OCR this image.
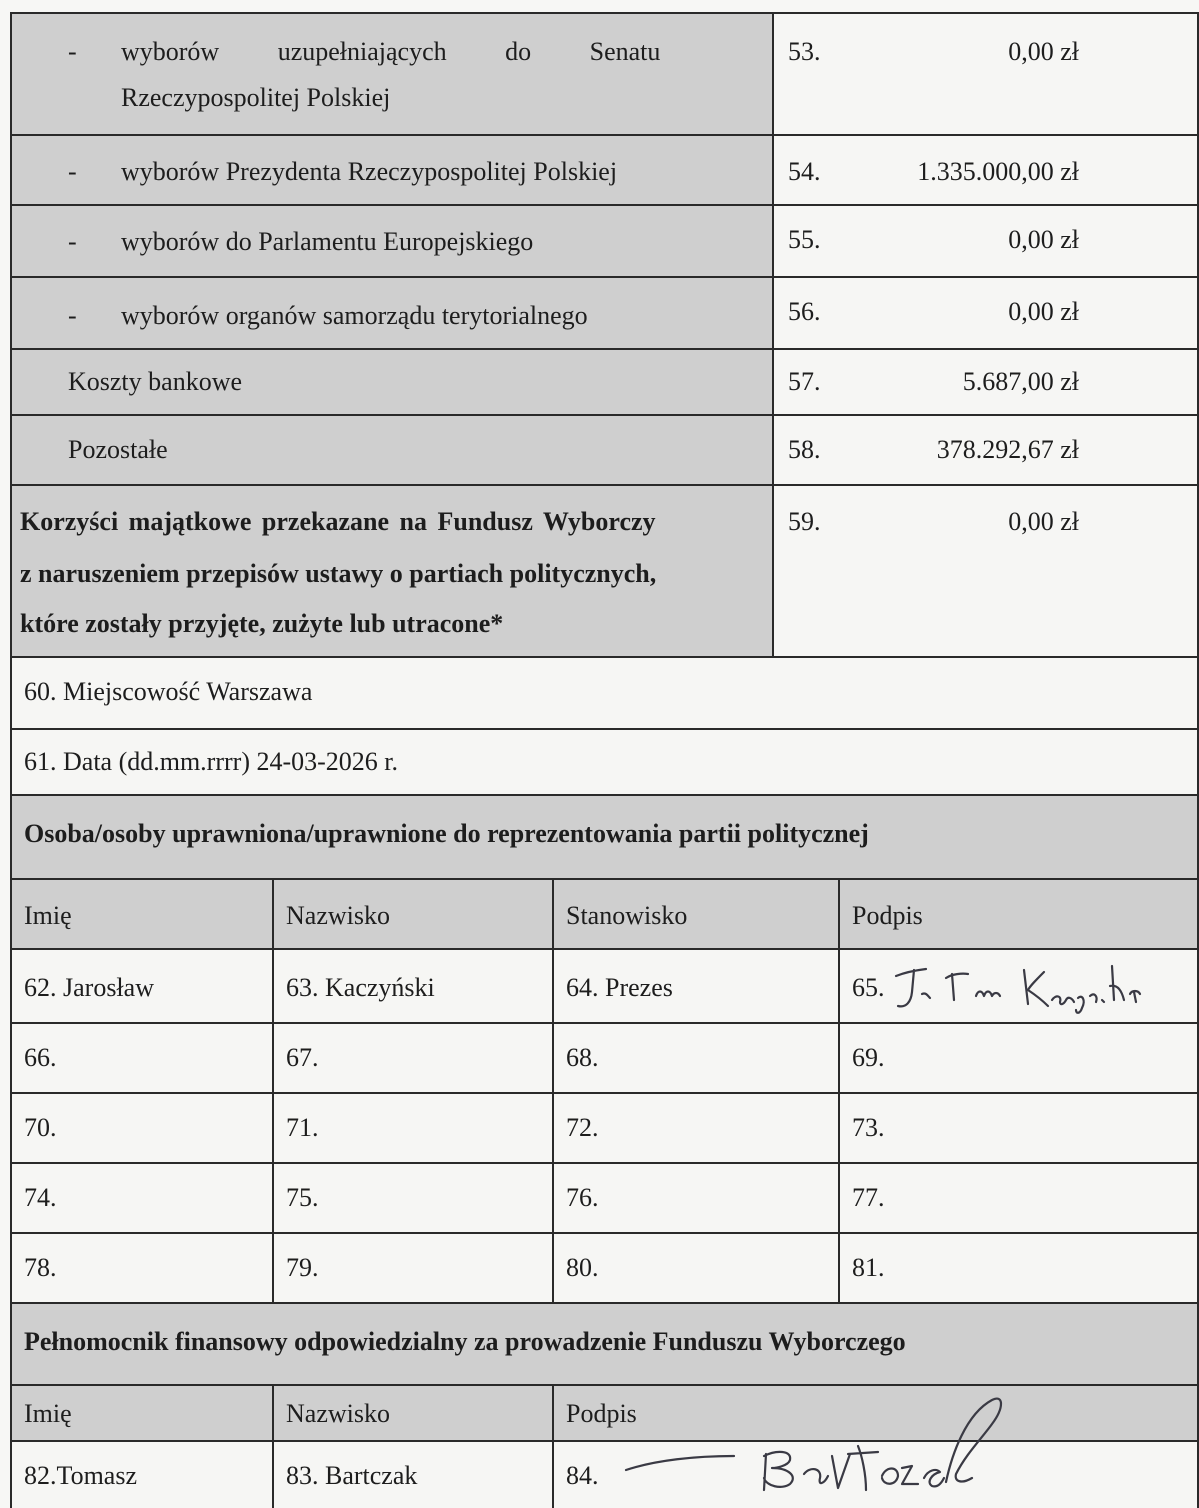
- wyborów uzupełniających do Senatu
Rzeczypospolitej Polskiej
53.	0,00 zł
- wyborów Prezydenta Rzeczypospolitej Polskiej	54.	1.335.000,00 zł
- wyborów do Parlamentu Europejskiego	55.	0,00 zł
- wyborów organów samorządu terytorialnego	56.	0,00 zł
Koszty bankowe	57.	5.687,00 zł
Pozostałe	58.	378.292,67 zł
Korzyści majątkowe przekazane na Fundusz Wyborczy
z naruszeniem przepisów ustawy o partiach politycznych,
które zostały przyjęte, zużyte lub utracone*
59.	0,00 zł
60. Miejscowość Warszawa
61. Data (dd.mm.rrrr) 24-03-2026 r.
Osoba/osoby uprawniona/uprawnione do reprezentowania partii politycznej
Imię	Nazwisko	Stanowisko	Podpis
62. Jarosław	63. Kaczyński	64. Prezes	65.
66.	67.	68.	69.
70.	71.	72.	73.
74.	75.	76.	77.
78.	79.	80.	81.
Pełnomocnik finansowy odpowiedzialny za prowadzenie Funduszu Wyborczego
Imię	Nazwisko	Podpis
82.Tomasz	83. Bartczak	84.
